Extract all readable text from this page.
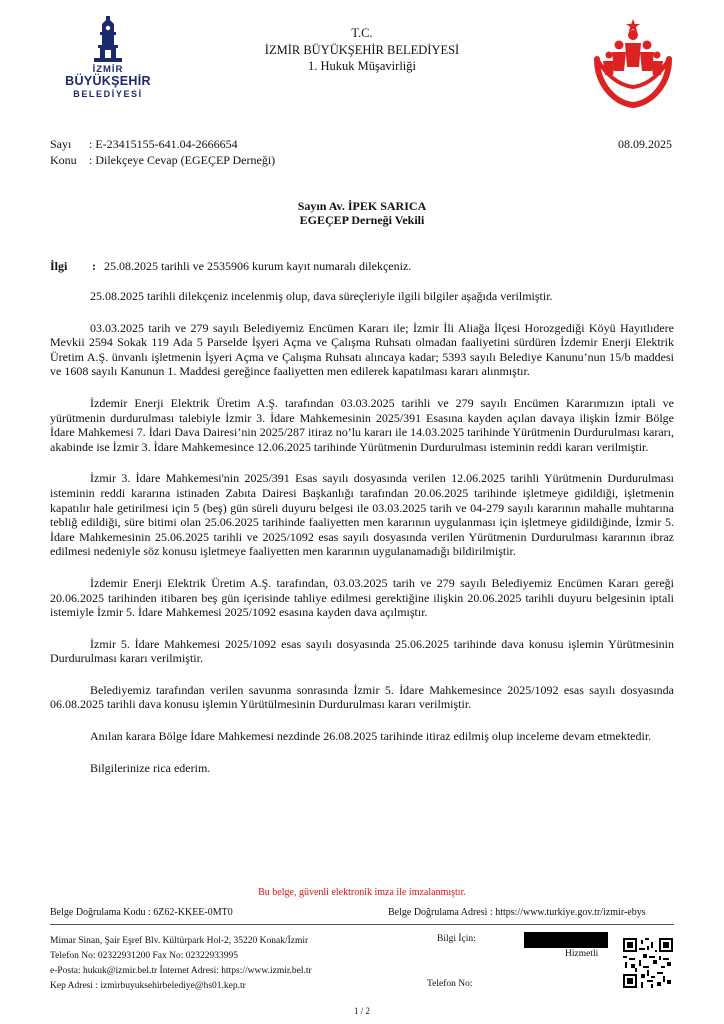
İZMİR
BÜYÜKŞEHİR
BELEDİYESİ
T.C.
İZMİR BÜYÜKŞEHİR BELEDİYESİ
1. Hukuk Müşavirliği
Sayı : E-23415155-641.04-2666654
Konu : Dilekçeye Cevap (EGEÇEP Derneği)
08.09.2025
Sayın Av. İPEK SARICA
EGEÇEP Derneği Vekili
İlgi : 25.08.2025 tarihli ve 2535906 kurum kayıt numaralı dilekçeniz.

25.08.2025 tarihli dilekçeniz incelenmiş olup, dava süreçleriyle ilgili bilgiler aşağıda verilmiştir.

03.03.2025 tarih ve 279 sayılı Belediyemiz Encümen Kararı ile; İzmir İli Aliağa İlçesi Horozgediği Köyü Hayıtlıdere Mevkii 2594 Sokak 119 Ada 5 Parselde İşyeri Açma ve Çalışma Ruhsatı olmadan faaliyetini sürdüren İzdemir Enerji Elektrik Üretim A.Ş. ünvanlı işletmenin İşyeri Açma ve Çalışma Ruhsatı alıncaya kadar; 5393 sayılı Belediye Kanunu’nun 15/b maddesi ve 1608 sayılı Kanunun 1. Maddesi gereğince faaliyetten men edilerek kapatılması kararı alınmıştır.

İzdemir Enerji Elektrik Üretim A.Ş. tarafından 03.03.2025 tarihli ve 279 sayılı Encümen Kararımızın iptali ve yürütmenin durdurulması talebiyle İzmir 3. İdare Mahkemesinin 2025/391 Esasına kayden açılan davaya ilişkin İzmir Bölge İdare Mahkemesi 7. İdari Dava Dairesi’nin 2025/287 itiraz no’lu kararı ile 14.03.2025 tarihinde Yürütmenin Durdurulması kararı, akabinde ise İzmir 3. İdare Mahkemesince 12.06.2025 tarihinde Yürütmenin Durdurulması isteminin reddi kararı verilmiştir.

İzmir 3. İdare Mahkemesi'nin 2025/391 Esas sayılı dosyasında verilen 12.06.2025 tarihli Yürütmenin Durdurulması isteminin reddi kararına istinaden Zabıta Dairesi Başkanlığı tarafından 20.06.2025 tarihinde işletmeye gidildiği, işletmenin kapatılır hale getirilmesi için 5 (beş) gün süreli duyuru belgesi ile 03.03.2025 tarih ve 04-279 sayılı kararının mahalle muhtarına tebliğ edildiği, süre bitimi olan 25.06.2025 tarihinde faaliyetten men kararının uygulanması için işletmeye gidildiğinde, İzmir 5. İdare Mahkemesinin 25.06.2025 tarihli ve 2025/1092 esas sayılı dosyasında verilen Yürütmenin Durdurulması kararının ibraz edilmesi nedeniyle söz konusu işletmeye faaliyetten men kararının uygulanamadığı bildirilmiştir.

İzdemir Enerji Elektrik Üretim A.Ş. tarafından, 03.03.2025 tarih ve 279 sayılı Belediyemiz Encümen Kararı gereği 20.06.2025 tarihinden itibaren beş gün içerisinde tahliye edilmesi gerektiğine ilişkin 20.06.2025 tarihli duyuru belgesinin iptali istemiyle İzmir 5. İdare Mahkemesi 2025/1092 esasına kayden dava açılmıştır.

İzmir 5. İdare Mahkemesi 2025/1092 esas sayılı dosyasında 25.06.2025 tarihinde dava konusu işlemin Yürütmesinin Durdurulması kararı verilmiştir.

Belediyemiz tarafından verilen savunma sonrasında İzmir 5. İdare Mahkemesince 2025/1092 esas sayılı dosyasında 06.08.2025 tarihli dava konusu işlemin Yürütülmesinin Durdurulması kararı verilmiştir.

Anılan karara Bölge İdare Mahkemesi nezdinde 26.08.2025 tarihinde itiraz edilmiş olup inceleme devam etmektedir.

Bilgilerinize rica ederim.

Bu belge, güvenli elektronik imza ile imzalanmıştır.
Belge Doğrulama Kodu : 6Z62-KKEE-0MT0	Belge Doğrulama Adresi : https://www.turkiye.gov.tr/izmir-ebys
Mimar Sinan, Şair Eşref Blv. Kültürpark Hol-2, 35220 Konak/İzmir
Telefon No: 02322931200 Fax No: 02322933995
e-Posta: hukuk@izmir.bel.tr İnternet Adresi: https://www.izmir.bel.tr
Kep Adresi : izmirbuyuksehirbelediye@hs01.kep.tr
Bilgi İçin:
Hizmetli
Telefon No:
1 / 2
